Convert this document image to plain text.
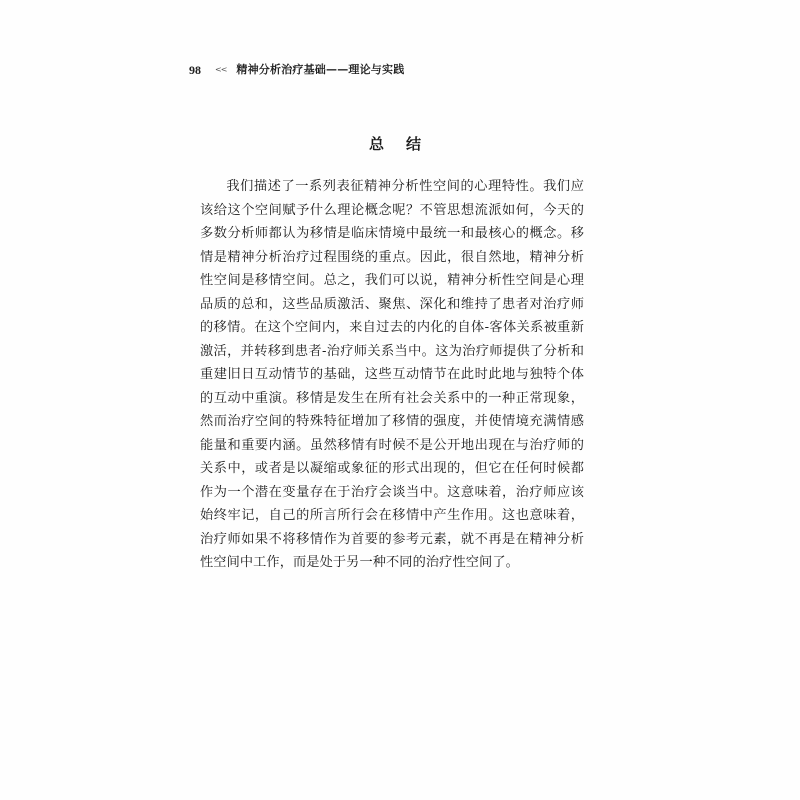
98 << 精神分析治疗基础——理论与实践
总结

我们描述了一系列表征精神分析性空间的心理特性。我们应该给这个空间赋予什么理论概念呢？不管思想流派如何，今天的多数分析师都认为移情是临床情境中最统一和最核心的概念。移情是精神分析治疗过程围绕的重点。因此，很自然地，精神分析性空间是移情空间。总之，我们可以说，精神分析性空间是心理品质的总和，这些品质激活、聚焦、深化和维持了患者对治疗师的移情。在这个空间内，来自过去的内化的自体-客体关系被重新激活，并转移到患者-治疗师关系当中。这为治疗师提供了分析和重建旧日互动情节的基础，这些互动情节在此时此地与独特个体的互动中重演。移情是发生在所有社会关系中的一种正常现象，然而治疗空间的特殊特征增加了移情的强度，并使情境充满情感能量和重要内涵。虽然移情有时候不是公开地出现在与治疗师的关系中，或者是以凝缩或象征的形式出现的，但它在任何时候都作为一个潜在变量存在于治疗会谈当中。这意味着，治疗师应该始终牢记，自己的所言所行会在移情中产生作用。这也意味着，治疗师如果不将移情作为首要的参考元素，就不再是在精神分析性空间中工作，而是处于另一种不同的治疗性空间了。
